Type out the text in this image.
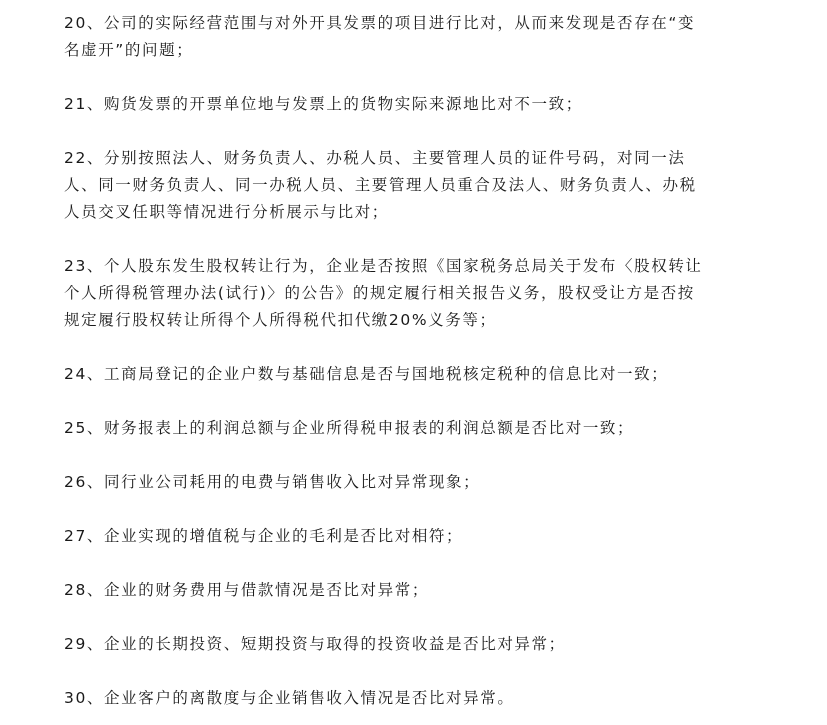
20、公司的实际经营范围与对外开具发票的项目进行比对，从而来发现是否存在“变
名虚开”的问题；

21、购货发票的开票单位地与发票上的货物实际来源地比对不一致；

22、分别按照法人、财务负责人、办税人员、主要管理人员的证件号码，对同一法
人、同一财务负责人、同一办税人员、主要管理人员重合及法人、财务负责人、办税
人员交叉任职等情况进行分析展示与比对；

23、个人股东发生股权转让行为，企业是否按照《国家税务总局关于发布〈股权转让
个人所得税管理办法(试行)〉的公告》的规定履行相关报告义务，股权受让方是否按
规定履行股权转让所得个人所得税代扣代缴20%义务等；

24、工商局登记的企业户数与基础信息是否与国地税核定税种的信息比对一致；

25、财务报表上的利润总额与企业所得税申报表的利润总额是否比对一致；

26、同行业公司耗用的电费与销售收入比对异常现象；

27、企业实现的增值税与企业的毛利是否比对相符；

28、企业的财务费用与借款情况是否比对异常；

29、企业的长期投资、短期投资与取得的投资收益是否比对异常；

30、企业客户的离散度与企业销售收入情况是否比对异常。
